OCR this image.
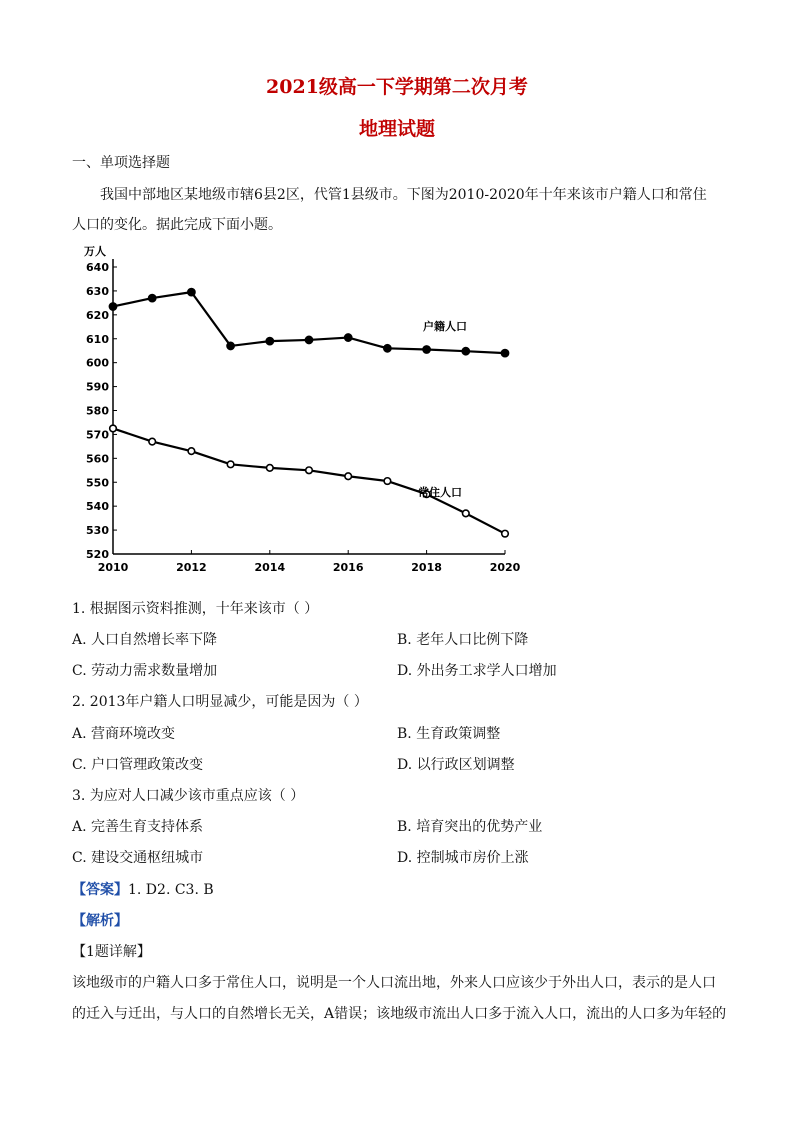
2021级高一下学期第二次月考
地理试题
一、单项选择题
我国中部地区某地级市辖6县2区，代管1县级市。下图为2010-2020年十年来该市户籍人口和常住
人口的变化。据此完成下面小题。
520
530
540
550
560
570
580
590
600
610
620
630
640
2010	2012	2014	2016	2018	2020
万人
户籍人口
常住人口
1. 根据图示资料推测，十年来该市（ ）
A. 人口自然增长率下降	B. 老年人口比例下降
C. 劳动力需求数量增加	D. 外出务工求学人口增加
2. 2013年户籍人口明显减少，可能是因为（ ）
A. 营商环境改变	B. 生育政策调整
C. 户口管理政策改变	D. 以行政区划调整
3. 为应对人口减少该市重点应该（ ）
A. 完善生育支持体系	B. 培育突出的优势产业
C. 建设交通枢纽城市	D. 控制城市房价上涨
【答案】1. D2. C3. B
【解析】
【1题详解】
该地级市的户籍人口多于常住人口，说明是一个人口流出地，外来人口应该少于外出人口，表示的是人口
的迁入与迁出，与人口的自然增长无关，A错误；该地级市流出人口多于流入人口，流出的人口多为年轻的
